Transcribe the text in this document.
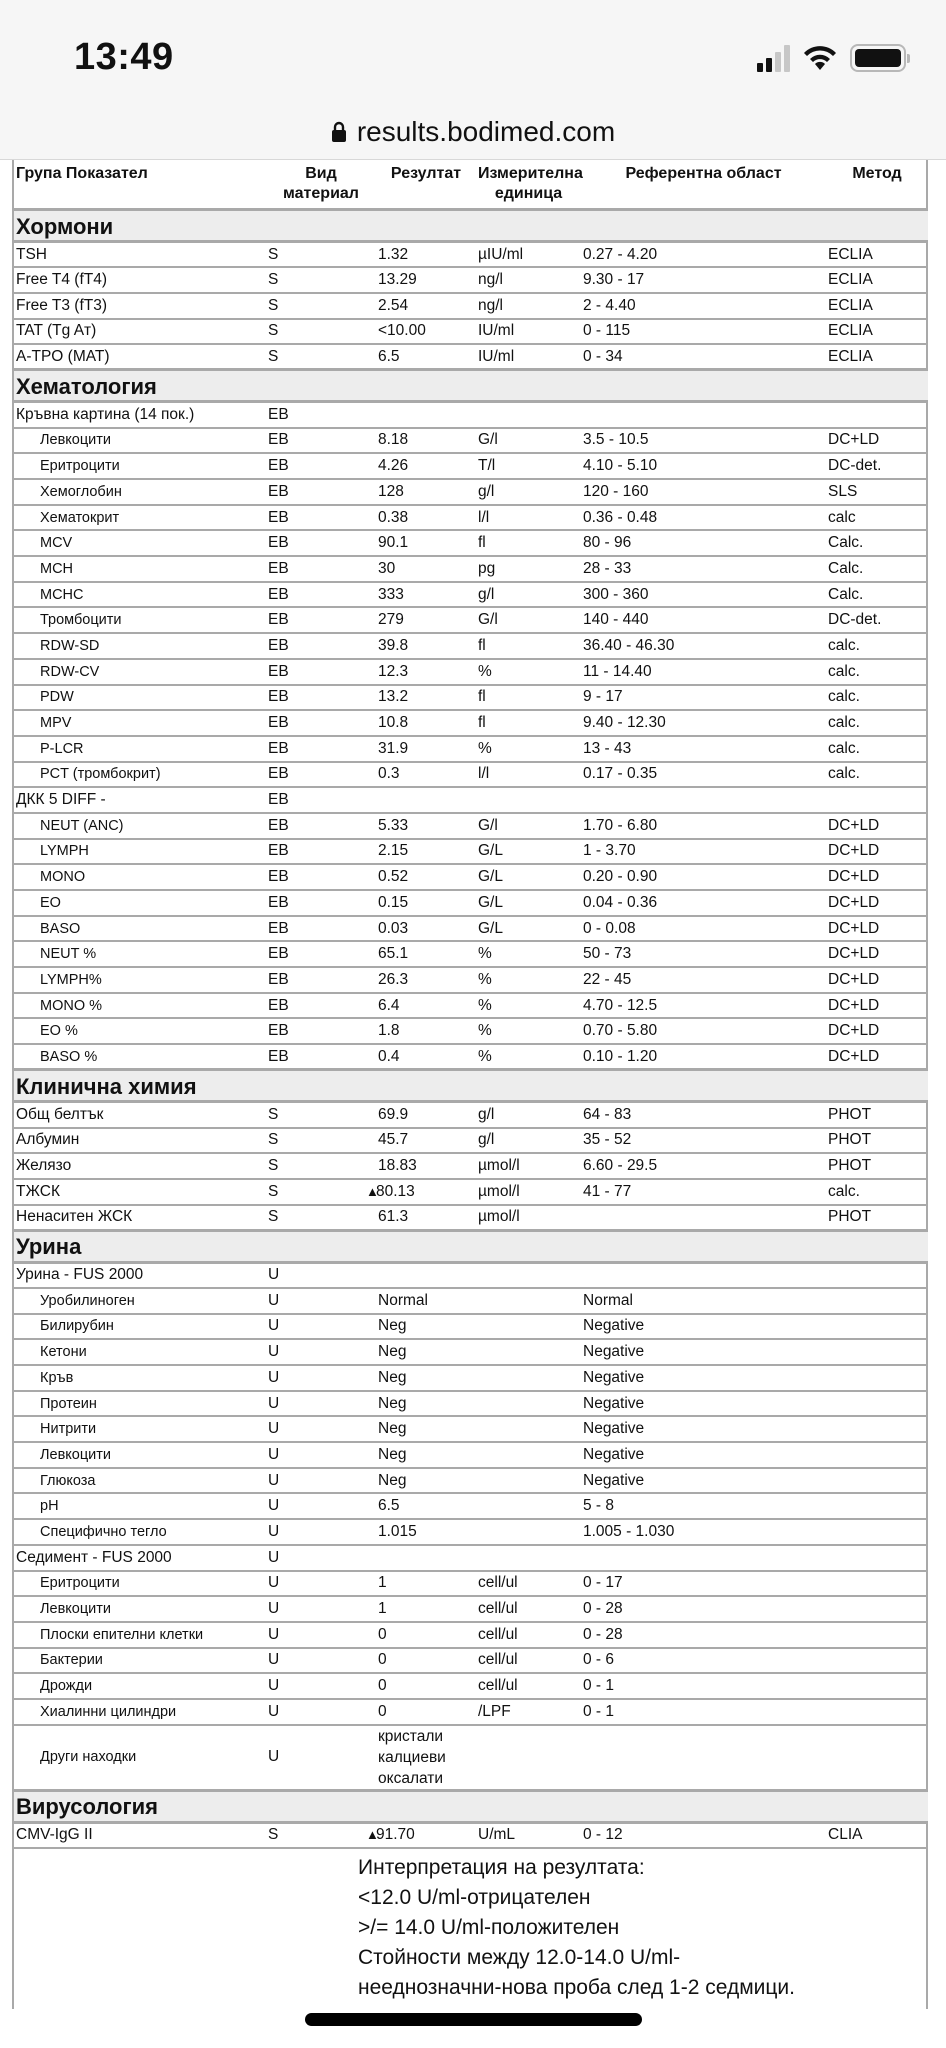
13:49
results.bodimed.com
Група Показател	Вид материал	Резултат	Измерителна единица	Референтна област	Метод
Хормони					
TSH	S	1.32	µIU/ml	0.27 - 4.20	ECLIA
Free T4 (fT4)	S	13.29	ng/l	9.30 - 17	ECLIA
Free T3 (fT3)	S	2.54	ng/l	2 - 4.40	ECLIA
TAT (Tg Aт)	S	<10.00	IU/ml	0 - 115	ECLIA
A-TPO (MAT)	S	6.5	IU/ml	0 - 34	ECLIA
Хематология					
Кръвна картина (14 пок.)	EB				
Левкоцити	EB	8.18	G/l	3.5 - 10.5	DC+LD
Еритроцити	EB	4.26	T/l	4.10 - 5.10	DC-det.
Хемоглобин	EB	128	g/l	120 - 160	SLS
Хематокрит	EB	0.38	l/l	0.36 - 0.48	calc
MCV	EB	90.1	fl	80 - 96	Calc.
MCH	EB	30	pg	28 - 33	Calc.
MCHC	EB	333	g/l	300 - 360	Calc.
Тромбоцити	EB	279	G/l	140 - 440	DC-det.
RDW-SD	EB	39.8	fl	36.40 - 46.30	calc.
RDW-CV	EB	12.3	%	11 - 14.40	calc.
PDW	EB	13.2	fl	9 - 17	calc.
MPV	EB	10.8	fl	9.40 - 12.30	calc.
P-LCR	EB	31.9	%	13 - 43	calc.
PCT (тромбокрит)	EB	0.3	l/l	0.17 - 0.35	calc.
ДКК 5 DIFF -	EB				
NEUT (ANC)	EB	5.33	G/l	1.70 - 6.80	DC+LD
LYMPH	EB	2.15	G/L	1 - 3.70	DC+LD
MONO	EB	0.52	G/L	0.20 - 0.90	DC+LD
EO	EB	0.15	G/L	0.04 - 0.36	DC+LD
BASO	EB	0.03	G/L	0 - 0.08	DC+LD
NEUT %	EB	65.1	%	50 - 73	DC+LD
LYMPH%	EB	26.3	%	22 - 45	DC+LD
MONO %	EB	6.4	%	4.70 - 12.5	DC+LD
EO %	EB	1.8	%	0.70 - 5.80	DC+LD
BASO %	EB	0.4	%	0.10 - 1.20	DC+LD
Клинична химия					
Общ белтък	S	69.9	g/l	64 - 83	PHOT
Албумин	S	45.7	g/l	35 - 52	PHOT
Желязо	S	18.83	µmol/l	6.60 - 29.5	PHOT
ТЖСК	S	▲80.13	µmol/l	41 - 77	calc.
Ненаситен ЖСК	S	61.3	µmol/l		PHOT
Урина					
Урина - FUS 2000	U				
Уробилиноген	U	Normal		Normal	
Билирубин	U	Neg		Negative	
Кетони	U	Neg		Negative	
Кръв	U	Neg		Negative	
Протеин	U	Neg		Negative	
Нитрити	U	Neg		Negative	
Левкоцити	U	Neg		Negative	
Глюкоза	U	Neg		Negative	
pH	U	6.5		5 - 8	
Специфично тегло	U	1.015		1.005 - 1.030	
Седимент - FUS 2000	U				
Еритроцити	U	1	cell/ul	0 - 17	
Левкоцити	U	1	cell/ul	0 - 28	
Плоски епителни клетки	U	0	cell/ul	0 - 28	
Бактерии	U	0	cell/ul	0 - 6	
Дрожди	U	0	cell/ul	0 - 1	
Хиалинни цилиндри	U	0	/LPF	0 - 1	
Други находки	U	кристали калциеви оксалати			

Вирусология					
CMV-IgG II	S	▲91.70	U/mL	0 - 12	CLIA
Интерпретация на резултата:
<12.0 U/ml-отрицателен
>/= 14.0 U/ml-положителен
Стойности между 12.0-14.0 U/ml-
нееднозначни-нова проба след 1-2 седмици.
